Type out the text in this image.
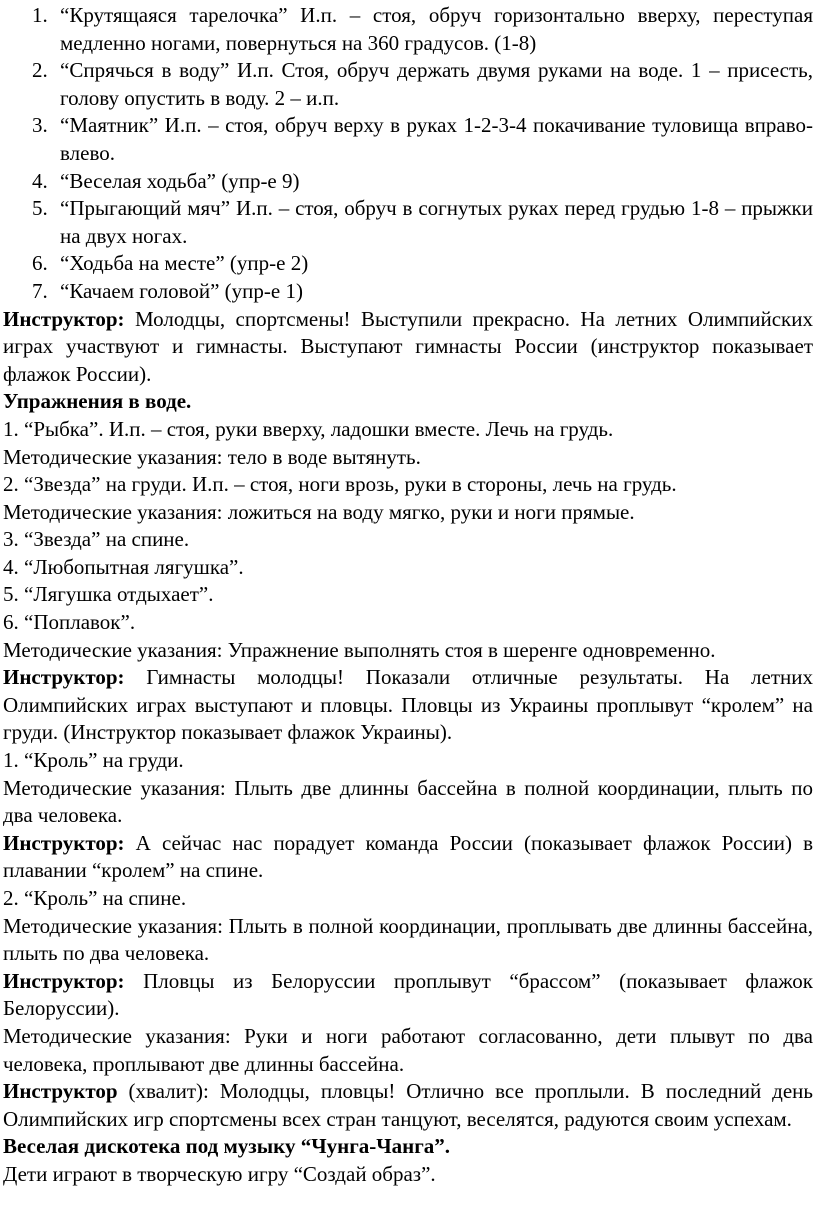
1. “Крутящаяся тарелочка” И.п. – стоя, обруч горизонтально вверху, переступая медленно ногами, повернуться на 360 градусов. (1-8)
2. “Спрячься в воду” И.п. Стоя, обруч держать двумя руками на воде. 1 – присесть, голову опустить в воду. 2 – и.п.
3. “Маятник” И.п. – стоя, обруч верху в руках 1-2-3-4 покачивание туловища вправо-влево.
4. “Веселая ходьба” (упр-е 9)
5. “Прыгающий мяч” И.п. – стоя, обруч в согнутых руках перед грудью 1-8 – прыжки на двух ногах.
6. “Ходьба на месте” (упр-е 2)
7. “Качаем головой” (упр-е 1)

Инструктор: Молодцы, спортсмены! Выступили прекрасно. На летних Олимпийских играх участвуют и гимнасты. Выступают гимнасты России (инструктор показывает флажок России).

Упражнения в воде.

1. “Рыбка”. И.п. – стоя, руки вверху, ладошки вместе. Лечь на грудь.

Методические указания: тело в воде вытянуть.

2. “Звезда” на груди. И.п. – стоя, ноги врозь, руки в стороны, лечь на грудь.

Методические указания: ложиться на воду мягко, руки и ноги прямые.

3. “Звезда” на спине.

4. “Любопытная лягушка”.

5. “Лягушка отдыхает”.

6. “Поплавок”.

Методические указания: Упражнение выполнять стоя в шеренге одновременно.

Инструктор: Гимнасты молодцы! Показали отличные результаты. На летних Олимпийских играх выступают и пловцы. Пловцы из Украины проплывут “кролем” на груди. (Инструктор показывает флажок Украины).

1. “Кроль” на груди.

Методические указания: Плыть две длинны бассейна в полной координации, плыть по два человека.

Инструктор: А сейчас нас порадует команда России (показывает флажок России) в плавании “кролем” на спине.

2. “Кроль” на спине.

Методические указания: Плыть в полной координации, проплывать две длинны бассейна, плыть по два человека.

Инструктор: Пловцы из Белоруссии проплывут “брассом” (показывает флажок Белоруссии).

Методические указания: Руки и ноги работают согласованно, дети плывут по два человека, проплывают две длинны бассейна.

Инструктор (хвалит): Молодцы, пловцы! Отлично все проплыли. В последний день Олимпийских игр спортсмены всех стран танцуют, веселятся, радуются своим успехам.

Веселая дискотека под музыку “Чунга-Чанга”.

Дети играют в творческую игру “Создай образ”.
